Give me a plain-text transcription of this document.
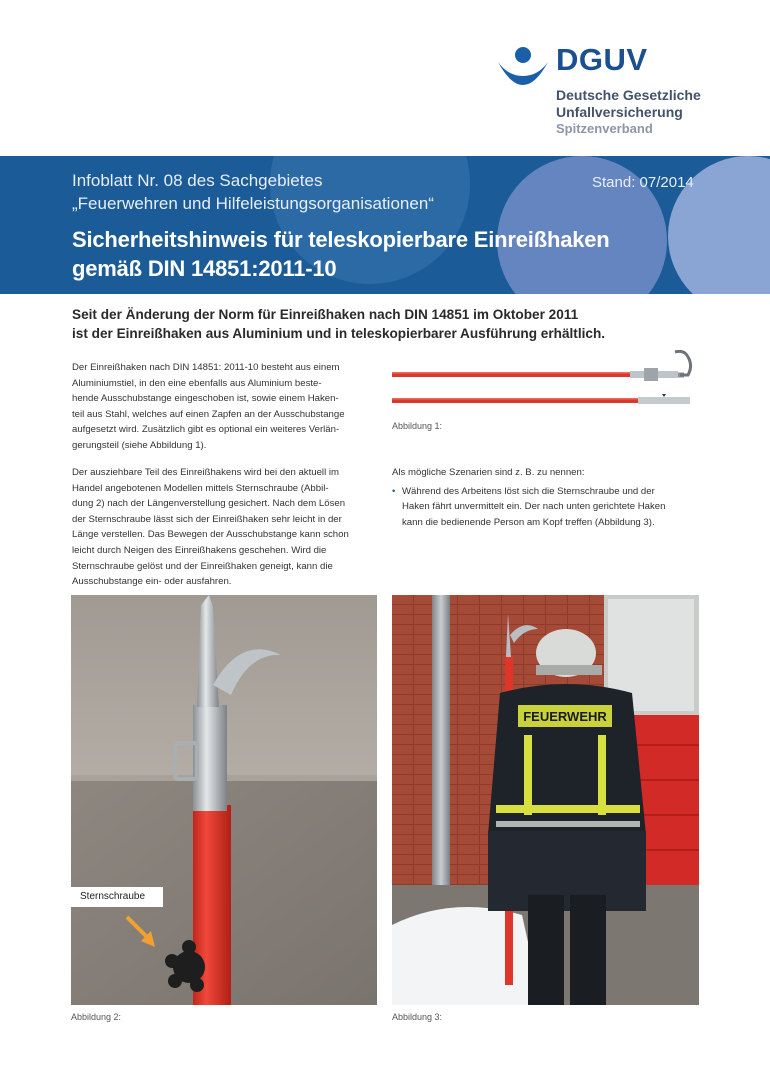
DGUV
Deutsche Gesetzliche
Unfallversicherung
Spitzenverband
Infoblatt Nr. 08 des Sachgebietes
„Feuerwehren und Hilfeleistungsorganisationen“
Stand: 07/2014
Sicherheitshinweis für teleskopierbare Einreißhaken
gemäß DIN 14851:2011-10
Seit der Änderung der Norm für Einreißhaken nach DIN 14851 im Oktober 2011
ist der Einreißhaken aus Aluminium und in teleskopierbarer Ausführung erhältlich.

Der Einreißhaken nach DIN 14851: 2011-10 besteht aus einem
Aluminiumstiel, in den eine ebenfalls aus Aluminium beste-
hende Ausschubstange eingeschoben ist, sowie einem Haken-
teil aus Stahl, welches auf einen Zapfen an der Ausschubstange
aufgesetzt wird. Zusätzlich gibt es optional ein weiteres Verlän-
gerungsteil (siehe Abbildung 1).

Der ausziehbare Teil des Einreißhakens wird bei den aktuell im
Handel angebotenen Modellen mittels Sternschraube (Abbil-
dung 2) nach der Längenverstellung gesichert. Nach dem Lösen
der Sternschraube lässt sich der Einreißhaken sehr leicht in der
Länge verstellen. Das Bewegen der Ausschubstange kann schon
leicht durch Neigen des Einreißhakens geschehen. Wird die
Sternschraube gelöst und der Einreißhaken geneigt, kann die
Ausschubstange ein- oder ausfahren.

Abbildung 1:

Als mögliche Szenarien sind z. B. zu nennen:

• Während des Arbeitens löst sich die Sternschraube und der
Haken fährt unvermittelt ein. Der nach unten gerichtete Haken
kann die bedienende Person am Kopf treffen (Abbildung 3).

Sternschraube
Abbildung 2:
FEUERWEHR
Abbildung 3:
